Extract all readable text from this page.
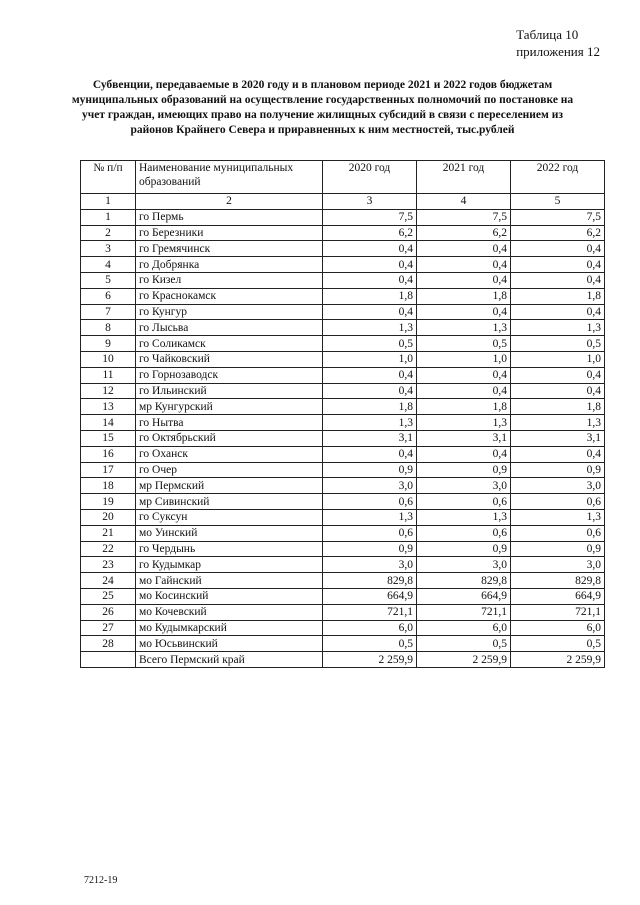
Таблица 10
приложения 12
Субвенции, передаваемые в 2020 году и в плановом периоде 2021 и 2022 годов бюджетам муниципальных образований на осуществление государственных полномочий по постановке на учет граждан, имеющих право на получение жилищных субсидий в связи с переселением из районов Крайнего Севера и приравненных к ним местностей, тыс.рублей
№ п/п	Наименование муниципальных образований	2020 год	2021 год	2022 год
1	2	3	4	5
1	го Пермь	7,5	7,5	7,5
2	го Березники	6,2	6,2	6,2
3	го Гремячинск	0,4	0,4	0,4
4	го Добрянка	0,4	0,4	0,4
5	го Кизел	0,4	0,4	0,4
6	го Краснокамск	1,8	1,8	1,8
7	го Кунгур	0,4	0,4	0,4
8	го Лысьва	1,3	1,3	1,3
9	го Соликамск	0,5	0,5	0,5
10	го Чайковский	1,0	1,0	1,0
11	го Горнозаводск	0,4	0,4	0,4
12	го Ильинский	0,4	0,4	0,4
13	мр Кунгурский	1,8	1,8	1,8
14	го Нытва	1,3	1,3	1,3
15	го Октябрьский	3,1	3,1	3,1
16	го Оханск	0,4	0,4	0,4
17	го Очер	0,9	0,9	0,9
18	мр Пермский	3,0	3,0	3,0
19	мр Сивинский	0,6	0,6	0,6
20	го Суксун	1,3	1,3	1,3
21	мо Уинский	0,6	0,6	0,6
22	го Чердынь	0,9	0,9	0,9
23	го Кудымкар	3,0	3,0	3,0
24	мо Гайнский	829,8	829,8	829,8
25	мо Косинский	664,9	664,9	664,9
26	мо Кочевский	721,1	721,1	721,1
27	мо Кудымкарский	6,0	6,0	6,0
28	мо Юсьвинский	0,5	0,5	0,5
	Всего Пермский край	2 259,9	2 259,9	2 259,9
7212-19
